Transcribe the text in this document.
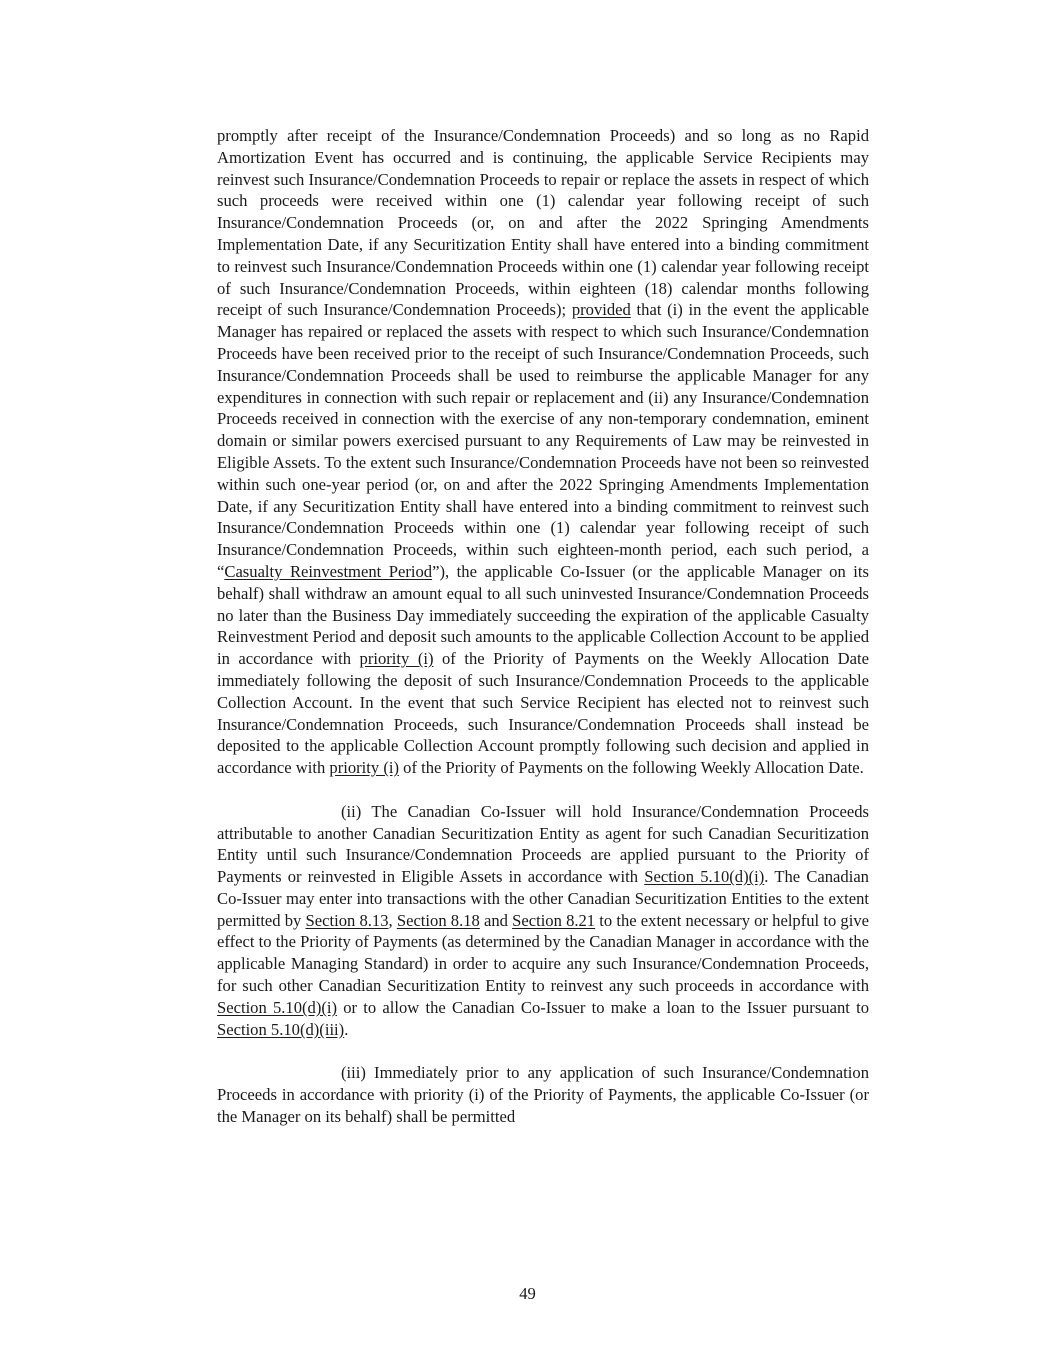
promptly after receipt of the Insurance/Condemnation Proceeds) and so long as no Rapid Amortization Event has occurred and is continuing, the applicable Service Recipients may reinvest such Insurance/Condemnation Proceeds to repair or replace the assets in respect of which such proceeds were received within one (1) calendar year following receipt of such Insurance/Condemnation Proceeds (or, on and after the 2022 Springing Amendments Implementation Date, if any Securitization Entity shall have entered into a binding commitment to reinvest such Insurance/Condemnation Proceeds within one (1) calendar year following receipt of such Insurance/Condemnation Proceeds, within eighteen (18) calendar months following receipt of such Insurance/Condemnation Proceeds); provided that (i) in the event the applicable Manager has repaired or replaced the assets with respect to which such Insurance/Condemnation Proceeds have been received prior to the receipt of such Insurance/Condemnation Proceeds, such Insurance/Condemnation Proceeds shall be used to reimburse the applicable Manager for any expenditures in connection with such repair or replacement and (ii) any Insurance/Condemnation Proceeds received in connection with the exercise of any non-temporary condemnation, eminent domain or similar powers exercised pursuant to any Requirements of Law may be reinvested in Eligible Assets. To the extent such Insurance/Condemnation Proceeds have not been so reinvested within such one-year period (or, on and after the 2022 Springing Amendments Implementation Date, if any Securitization Entity shall have entered into a binding commitment to reinvest such Insurance/Condemnation Proceeds within one (1) calendar year following receipt of such Insurance/Condemnation Proceeds, within such eighteen-month period, each such period, a “Casualty Reinvestment Period”), the applicable Co-Issuer (or the applicable Manager on its behalf) shall withdraw an amount equal to all such uninvested Insurance/Condemnation Proceeds no later than the Business Day immediately succeeding the expiration of the applicable Casualty Reinvestment Period and deposit such amounts to the applicable Collection Account to be applied in accordance with priority (i) of the Priority of Payments on the Weekly Allocation Date immediately following the deposit of such Insurance/Condemnation Proceeds to the applicable Collection Account. In the event that such Service Recipient has elected not to reinvest such Insurance/Condemnation Proceeds, such Insurance/Condemnation Proceeds shall instead be deposited to the applicable Collection Account promptly following such decision and applied in accordance with priority (i) of the Priority of Payments on the following Weekly Allocation Date.

(ii) The Canadian Co-Issuer will hold Insurance/Condemnation Proceeds attributable to another Canadian Securitization Entity as agent for such Canadian Securitization Entity until such Insurance/Condemnation Proceeds are applied pursuant to the Priority of Payments or reinvested in Eligible Assets in accordance with Section 5.10(d)(i). The Canadian Co-Issuer may enter into transactions with the other Canadian Securitization Entities to the extent permitted by Section 8.13, Section 8.18 and Section 8.21 to the extent necessary or helpful to give effect to the Priority of Payments (as determined by the Canadian Manager in accordance with the applicable Managing Standard) in order to acquire any such Insurance/Condemnation Proceeds, for such other Canadian Securitization Entity to reinvest any such proceeds in accordance with Section 5.10(d)(i) or to allow the Canadian Co-Issuer to make a loan to the Issuer pursuant to Section 5.10(d)(iii).

(iii) Immediately prior to any application of such Insurance/Condemnation Proceeds in accordance with priority (i) of the Priority of Payments, the applicable Co-Issuer (or the Manager on its behalf) shall be permitted

49
